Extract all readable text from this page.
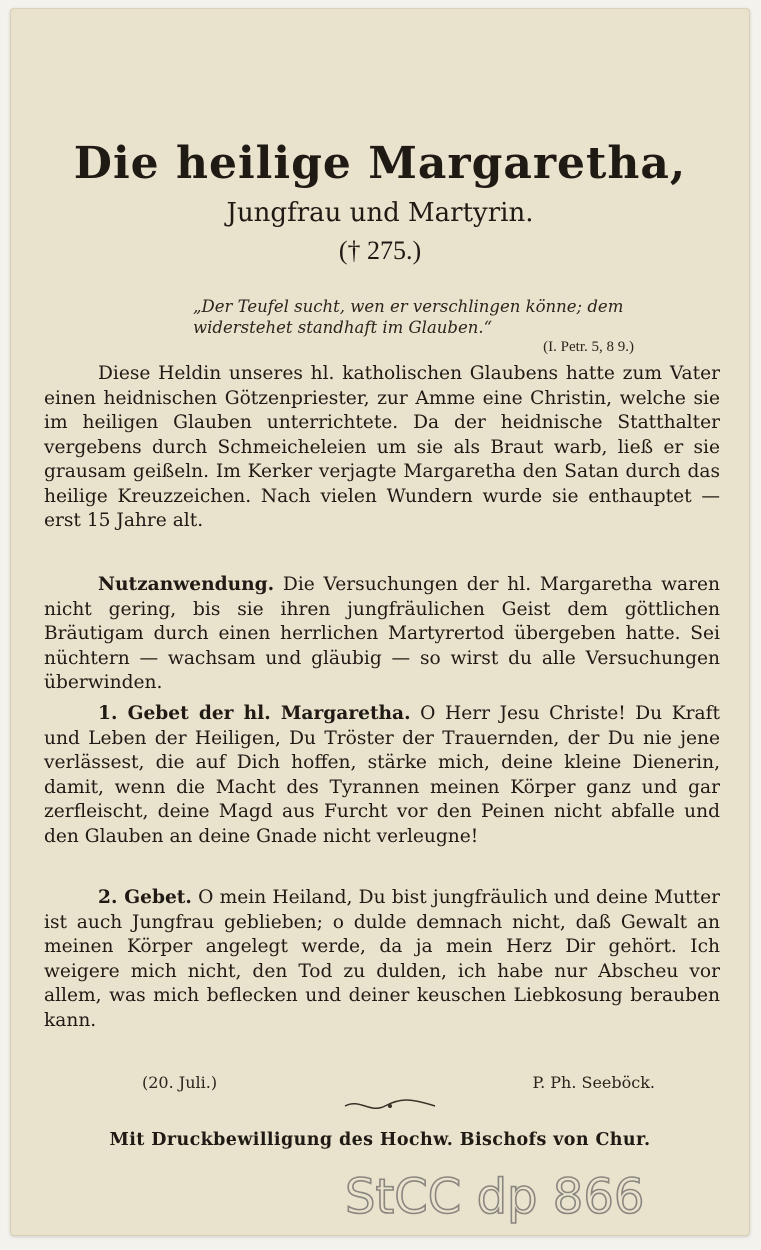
Die heilige Margaretha,
Jungfrau und Martyrin.
(† 275.)
„Der Teufel sucht, wen er verschlingen könne; dem widerstehet standhaft im Glauben.“
(I. Petr. 5, 8 9.)
Diese Heldin unseres hl. katholischen Glaubens hatte zum Vater einen heidnischen Götzenpriester, zur Amme eine Christin, welche sie im heiligen Glauben unterrichtete. Da der heidnische Statthalter vergebens durch Schmeicheleien um sie als Braut warb, ließ er sie grausam geißeln. Im Kerker verjagte Margaretha den Satan durch das heilige Kreuzzeichen. Nach vielen Wundern wurde sie enthauptet — erst 15 Jahre alt.
Nutzanwendung. Die Versuchungen der hl. Margaretha waren nicht gering, bis sie ihren jungfräulichen Geist dem göttlichen Bräutigam durch einen herrlichen Martyrertod übergeben hatte. Sei nüchtern — wachsam und gläubig — so wirst du alle Versuchungen überwinden.
1. Gebet der hl. Margaretha. O Herr Jesu Christe! Du Kraft und Leben der Heiligen, Du Tröster der Trauernden, der Du nie jene verlässest, die auf Dich hoffen, stärke mich, deine kleine Dienerin, damit, wenn die Macht des Tyrannen meinen Körper ganz und gar zerfleischt, deine Magd aus Furcht vor den Peinen nicht abfalle und den Glauben an deine Gnade nicht verleugne!
2. Gebet. O mein Heiland, Du bist jungfräulich und deine Mutter ist auch Jungfrau geblieben; o dulde demnach nicht, daß Gewalt an meinen Körper angelegt werde, da ja mein Herz Dir gehört. Ich weigere mich nicht, den Tod zu dulden, ich habe nur Abscheu vor allem, was mich beflecken und deiner keuschen Liebkosung berauben kann.
(20. Juli.)	P. Ph. Seeböck.
Mit Druckbewilligung des Hochw. Bischofs von Chur.
StCC dp 866
